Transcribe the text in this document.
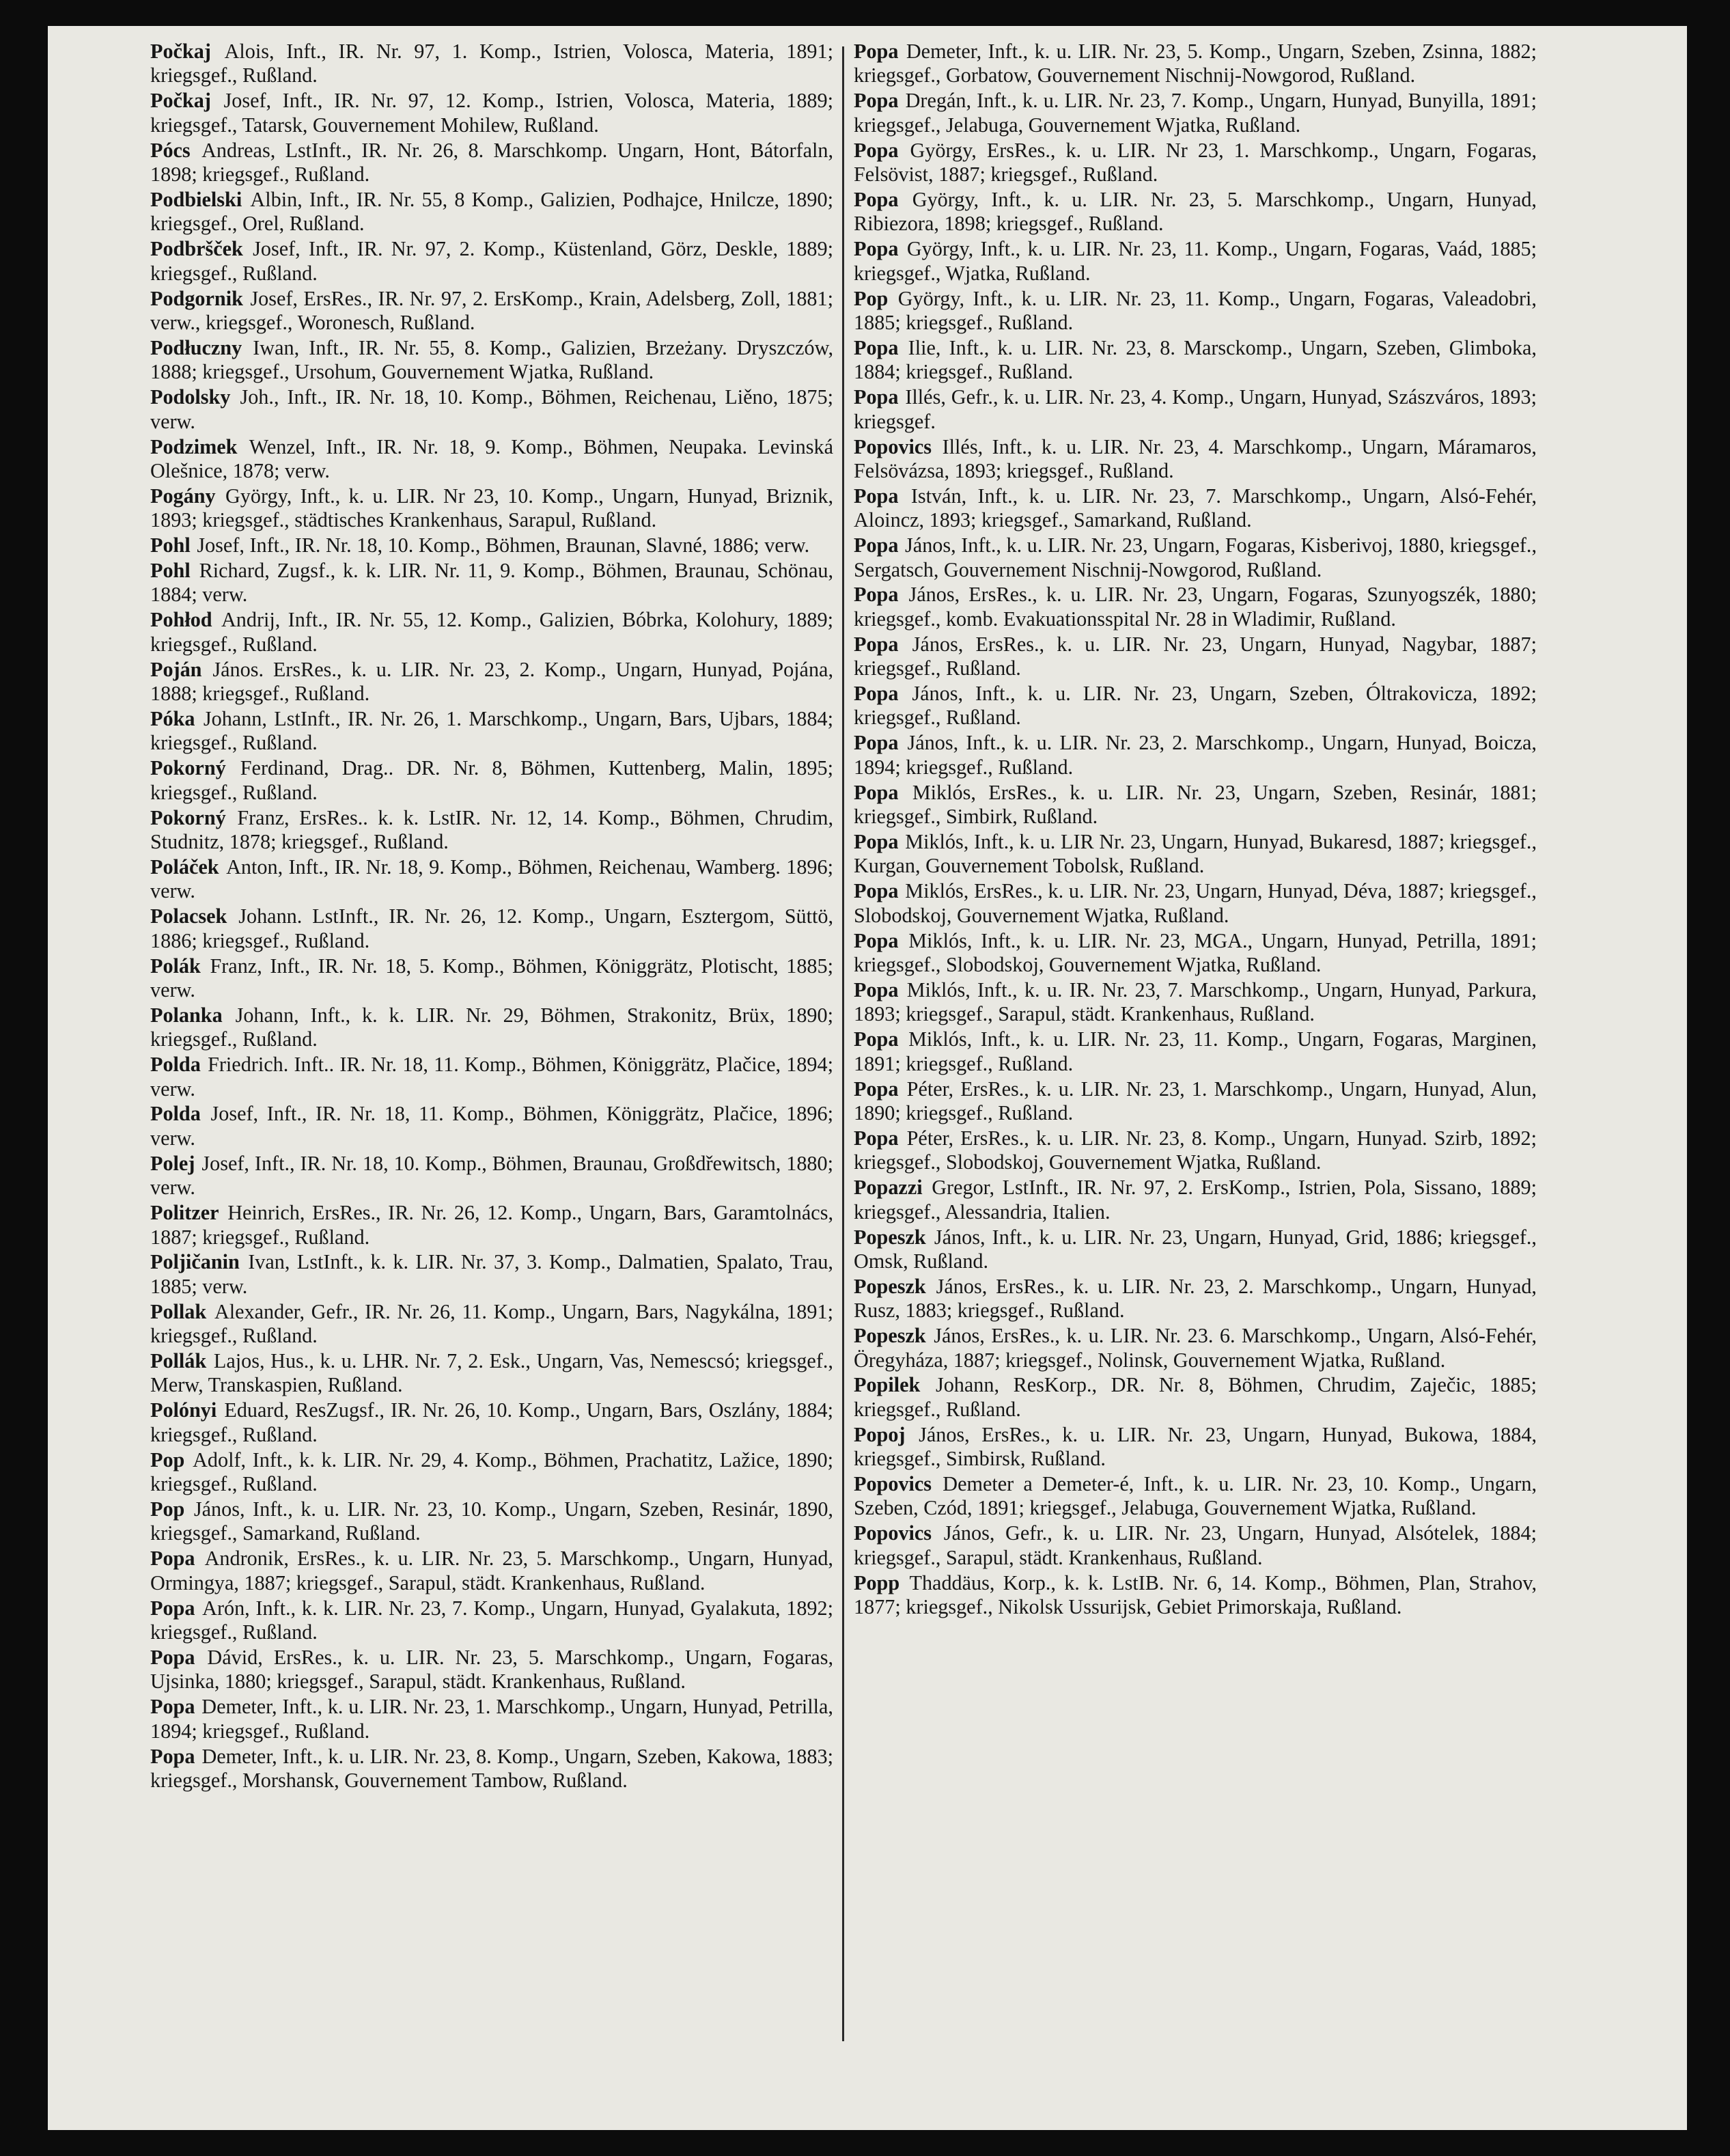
Počkaj Alois, Inft., IR. Nr. 97, 1. Komp., Istrien, Volosca, Materia, 1891; kriegsgef., Rußland.

Počkaj Josef, Inft., IR. Nr. 97, 12. Komp., Istrien, Volosca, Materia, 1889; kriegsgef., Tatarsk, Gouvernement Mohilew, Rußland.

Pócs Andreas, LstInft., IR. Nr. 26, 8. Marschkomp. Ungarn, Hont, Bátorfaln, 1898; kriegsgef., Rußland.

Podbielski Albin, Inft., IR. Nr. 55, 8 Komp., Galizien, Podhajce, Hnilcze, 1890; kriegsgef., Orel, Rußland.

Podbršček Josef, Inft., IR. Nr. 97, 2. Komp., Küstenland, Görz, Deskle, 1889; kriegsgef., Rußland.

Podgornik Josef, ErsRes., IR. Nr. 97, 2. ErsKomp., Krain, Adelsberg, Zoll, 1881; verw., kriegsgef., Woronesch, Rußland.

Podłuczny Iwan, Inft., IR. Nr. 55, 8. Komp., Galizien, Brzeżany. Dryszczów, 1888; kriegsgef., Ursohum, Gouvernement Wjatka, Rußland.

Podolsky Joh., Inft., IR. Nr. 18, 10. Komp., Böhmen, Reichenau, Liěno, 1875; verw.

Podzimek Wenzel, Inft., IR. Nr. 18, 9. Komp., Böhmen, Neupaka. Levinská Olešnice, 1878; verw.

Pogány György, Inft., k. u. LIR. Nr 23, 10. Komp., Ungarn, Hunyad, Briznik, 1893; kriegsgef., städtisches Krankenhaus, Sarapul, Rußland.

Pohl Josef, Inft., IR. Nr. 18, 10. Komp., Böhmen, Braunan, Slavné, 1886; verw.

Pohl Richard, Zugsf., k. k. LIR. Nr. 11, 9. Komp., Böhmen, Braunau, Schönau, 1884; verw.

Pohłod Andrij, Inft., IR. Nr. 55, 12. Komp., Galizien, Bóbrka, Kolohury, 1889; kriegsgef., Rußland.

Poján János. ErsRes., k. u. LIR. Nr. 23, 2. Komp., Ungarn, Hunyad, Pojána, 1888; kriegsgef., Rußland.

Póka Johann, LstInft., IR. Nr. 26, 1. Marschkomp., Ungarn, Bars, Ujbars, 1884; kriegsgef., Rußland.

Pokorný Ferdinand, Drag.. DR. Nr. 8, Böhmen, Kuttenberg, Malin, 1895; kriegsgef., Rußland.

Pokorný Franz, ErsRes.. k. k. LstIR. Nr. 12, 14. Komp., Böhmen, Chrudim, Studnitz, 1878; kriegsgef., Rußland.

Poláček Anton, Inft., IR. Nr. 18, 9. Komp., Böhmen, Reichenau, Wamberg. 1896; verw.

Polacsek Johann. LstInft., IR. Nr. 26, 12. Komp., Ungarn, Esztergom, Süttö, 1886; kriegsgef., Rußland.

Polák Franz, Inft., IR. Nr. 18, 5. Komp., Böhmen, Königgrätz, Plotischt, 1885; verw.

Polanka Johann, Inft., k. k. LIR. Nr. 29, Böhmen, Strakonitz, Brüx, 1890; kriegsgef., Rußland.

Polda Friedrich. Inft.. IR. Nr. 18, 11. Komp., Böhmen, Königgrätz, Plačice, 1894; verw.

Polda Josef, Inft., IR. Nr. 18, 11. Komp., Böhmen, Königgrätz, Plačice, 1896; verw.

Polej Josef, Inft., IR. Nr. 18, 10. Komp., Böhmen, Braunau, Großdřewitsch, 1880; verw.

Politzer Heinrich, ErsRes., IR. Nr. 26, 12. Komp., Ungarn, Bars, Garamtolnács, 1887; kriegsgef., Rußland.

Poljičanin Ivan, LstInft., k. k. LIR. Nr. 37, 3. Komp., Dalmatien, Spalato, Trau, 1885; verw.

Pollak Alexander, Gefr., IR. Nr. 26, 11. Komp., Ungarn, Bars, Nagykálna, 1891; kriegsgef., Rußland.

Pollák Lajos, Hus., k. u. LHR. Nr. 7, 2. Esk., Ungarn, Vas, Nemescsó; kriegsgef., Merw, Transkaspien, Rußland.

Polónyi Eduard, ResZugsf., IR. Nr. 26, 10. Komp., Ungarn, Bars, Oszlány, 1884; kriegsgef., Rußland.

Pop Adolf, Inft., k. k. LIR. Nr. 29, 4. Komp., Böhmen, Prachatitz, Lažice, 1890; kriegsgef., Rußland.

Pop János, Inft., k. u. LIR. Nr. 23, 10. Komp., Ungarn, Szeben, Resinár, 1890, kriegsgef., Samarkand, Rußland.

Popa Andronik, ErsRes., k. u. LIR. Nr. 23, 5. Marschkomp., Ungarn, Hunyad, Ormingya, 1887; kriegsgef., Sarapul, städt. Krankenhaus, Rußland.

Popa Arón, Inft., k. k. LIR. Nr. 23, 7. Komp., Ungarn, Hunyad, Gyalakuta, 1892; kriegsgef., Rußland.

Popa Dávid, ErsRes., k. u. LIR. Nr. 23, 5. Marschkomp., Ungarn, Fogaras, Ujsinka, 1880; kriegsgef., Sarapul, städt. Krankenhaus, Rußland.

Popa Demeter, Inft., k. u. LIR. Nr. 23, 1. Marschkomp., Ungarn, Hunyad, Petrilla, 1894; kriegsgef., Rußland.

Popa Demeter, Inft., k. u. LIR. Nr. 23, 8. Komp., Ungarn, Szeben, Kakowa, 1883; kriegsgef., Morshansk, Gouvernement Tambow, Rußland.

Popa Demeter, Inft., k. u. LIR. Nr. 23, 5. Komp., Ungarn, Szeben, Zsinna, 1882; kriegsgef., Gorbatow, Gouvernement Nischnij-Nowgorod, Rußland.

Popa Dregán, Inft., k. u. LIR. Nr. 23, 7. Komp., Ungarn, Hunyad, Bunyilla, 1891; kriegsgef., Jelabuga, Gouvernement Wjatka, Rußland.

Popa György, ErsRes., k. u. LIR. Nr 23, 1. Marschkomp., Ungarn, Fogaras, Felsövist, 1887; kriegsgef., Rußland.

Popa György, Inft., k. u. LIR. Nr. 23, 5. Marschkomp., Ungarn, Hunyad, Ribiezora, 1898; kriegsgef., Rußland.

Popa György, Inft., k. u. LIR. Nr. 23, 11. Komp., Ungarn, Fogaras, Vaád, 1885; kriegsgef., Wjatka, Rußland.

Pop György, Inft., k. u. LIR. Nr. 23, 11. Komp., Ungarn, Fogaras, Valeadobri, 1885; kriegsgef., Rußland.

Popa Ilie, Inft., k. u. LIR. Nr. 23, 8. Marsckomp., Ungarn, Szeben, Glimboka, 1884; kriegsgef., Rußland.

Popa Illés, Gefr., k. u. LIR. Nr. 23, 4. Komp., Ungarn, Hunyad, Szászváros, 1893; kriegsgef.

Popovics Illés, Inft., k. u. LIR. Nr. 23, 4. Marschkomp., Ungarn, Máramaros, Felsövázsa, 1893; kriegsgef., Rußland.

Popa István, Inft., k. u. LIR. Nr. 23, 7. Marschkomp., Ungarn, Alsó-Fehér, Aloincz, 1893; kriegsgef., Samarkand, Rußland.

Popa János, Inft., k. u. LIR. Nr. 23, Ungarn, Fogaras, Kisberivoj, 1880, kriegsgef., Sergatsch, Gouvernement Nischnij-Nowgorod, Rußland.

Popa János, ErsRes., k. u. LIR. Nr. 23, Ungarn, Fogaras, Szunyogszék, 1880; kriegsgef., komb. Evakuationsspital Nr. 28 in Wladimir, Rußland.

Popa János, ErsRes., k. u. LIR. Nr. 23, Ungarn, Hunyad, Nagybar, 1887; kriegsgef., Rußland.

Popa János, Inft., k. u. LIR. Nr. 23, Ungarn, Szeben, Óltrakovicza, 1892; kriegsgef., Rußland.

Popa János, Inft., k. u. LIR. Nr. 23, 2. Marschkomp., Ungarn, Hunyad, Boicza, 1894; kriegsgef., Rußland.

Popa Miklós, ErsRes., k. u. LIR. Nr. 23, Ungarn, Szeben, Resinár, 1881; kriegsgef., Simbirk, Rußland.

Popa Miklós, Inft., k. u. LIR Nr. 23, Ungarn, Hunyad, Bukaresd, 1887; kriegsgef., Kurgan, Gouvernement Tobolsk, Rußland.

Popa Miklós, ErsRes., k. u. LIR. Nr. 23, Ungarn, Hunyad, Déva, 1887; kriegsgef., Slobodskoj, Gouvernement Wjatka, Rußland.

Popa Miklós, Inft., k. u. LIR. Nr. 23, MGA., Ungarn, Hunyad, Petrilla, 1891; kriegsgef., Slobodskoj, Gouvernement Wjatka, Rußland.

Popa Miklós, Inft., k. u. IR. Nr. 23, 7. Marschkomp., Ungarn, Hunyad, Parkura, 1893; kriegsgef., Sarapul, städt. Krankenhaus, Rußland.

Popa Miklós, Inft., k. u. LIR. Nr. 23, 11. Komp., Ungarn, Fogaras, Marginen, 1891; kriegsgef., Rußland.

Popa Péter, ErsRes., k. u. LIR. Nr. 23, 1. Marschkomp., Ungarn, Hunyad, Alun, 1890; kriegsgef., Rußland.

Popa Péter, ErsRes., k. u. LIR. Nr. 23, 8. Komp., Ungarn, Hunyad. Szirb, 1892; kriegsgef., Slobodskoj, Gouvernement Wjatka, Rußland.

Popazzi Gregor, LstInft., IR. Nr. 97, 2. ErsKomp., Istrien, Pola, Sissano, 1889; kriegsgef., Alessandria, Italien.

Popeszk János, Inft., k. u. LIR. Nr. 23, Ungarn, Hunyad, Grid, 1886; kriegsgef., Omsk, Rußland.

Popeszk János, ErsRes., k. u. LIR. Nr. 23, 2. Marschkomp., Ungarn, Hunyad, Rusz, 1883; kriegsgef., Rußland.

Popeszk János, ErsRes., k. u. LIR. Nr. 23. 6. Marschkomp., Ungarn, Alsó-Fehér, Öregyháza, 1887; kriegsgef., Nolinsk, Gouvernement Wjatka, Rußland.

Popilek Johann, ResKorp., DR. Nr. 8, Böhmen, Chrudim, Zaječic, 1885; kriegsgef., Rußland.

Popoj János, ErsRes., k. u. LIR. Nr. 23, Ungarn, Hunyad, Bukowa, 1884, kriegsgef., Simbirsk, Rußland.

Popovics Demeter a Demeter-é, Inft., k. u. LIR. Nr. 23, 10. Komp., Ungarn, Szeben, Czód, 1891; kriegsgef., Jelabuga, Gouvernement Wjatka, Rußland.

Popovics János, Gefr., k. u. LIR. Nr. 23, Ungarn, Hunyad, Alsótelek, 1884; kriegsgef., Sarapul, städt. Krankenhaus, Rußland.

Popp Thaddäus, Korp., k. k. LstIB. Nr. 6, 14. Komp., Böhmen, Plan, Strahov, 1877; kriegsgef., Nikolsk Ussurijsk, Gebiet Primorskaja, Rußland.
